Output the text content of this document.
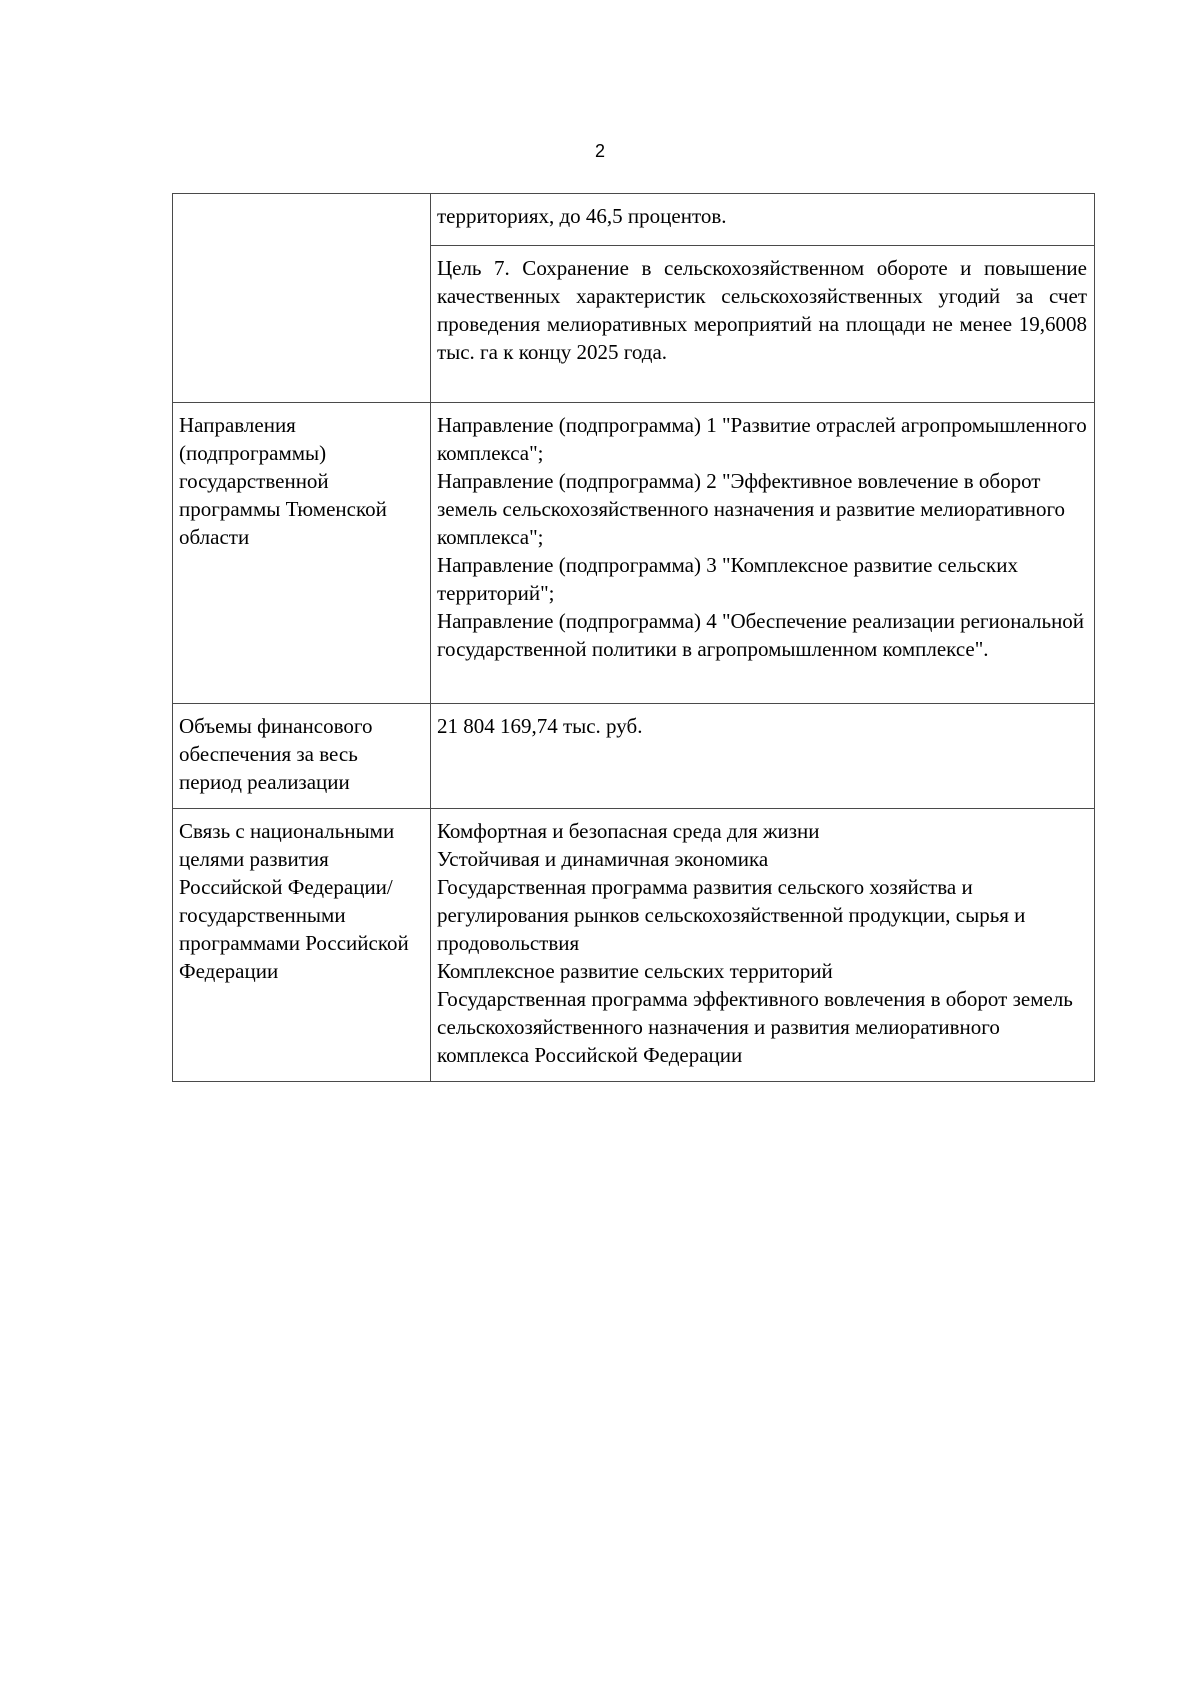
2

	территориях, до 46,5 процентов.

	Цель 7. Сохранение в сельскохозяйственном обороте и повышение качественных характеристик сельскохозяйственных угодий за счет проведения мелиоративных мероприятий на площади не менее 19,6008 тыс. га к концу 2025 года.

Направления (подпрограммы) государственной программы Тюменской области	Направление (подпрограмма) 1 "Развитие отраслей агропромышленного комплекса";
Направление (подпрограмма) 2 "Эффективное вовлечение в оборот земель сельскохозяйственного назначения и развитие мелиоративного комплекса";
Направление (подпрограмма) 3 "Комплексное развитие сельских территорий";
Направление (подпрограмма) 4 "Обеспечение реализации региональной государственной политики в агропромышленном комплексе".

Объемы финансового обеспечения за весь период реализации	21 804 169,74 тыс. руб.

Связь с национальными целями развития Российской Федерации/ государственными программами Российской Федерации	Комфортная и безопасная среда для жизни
Устойчивая и динамичная экономика
Государственная программа развития сельского хозяйства и регулирования рынков сельскохозяйственной продукции, сырья и продовольствия
Комплексное развитие сельских территорий
Государственная программа эффективного вовлечения в оборот земель сельскохозяйственного назначения и развития мелиоративного комплекса Российской Федерации
